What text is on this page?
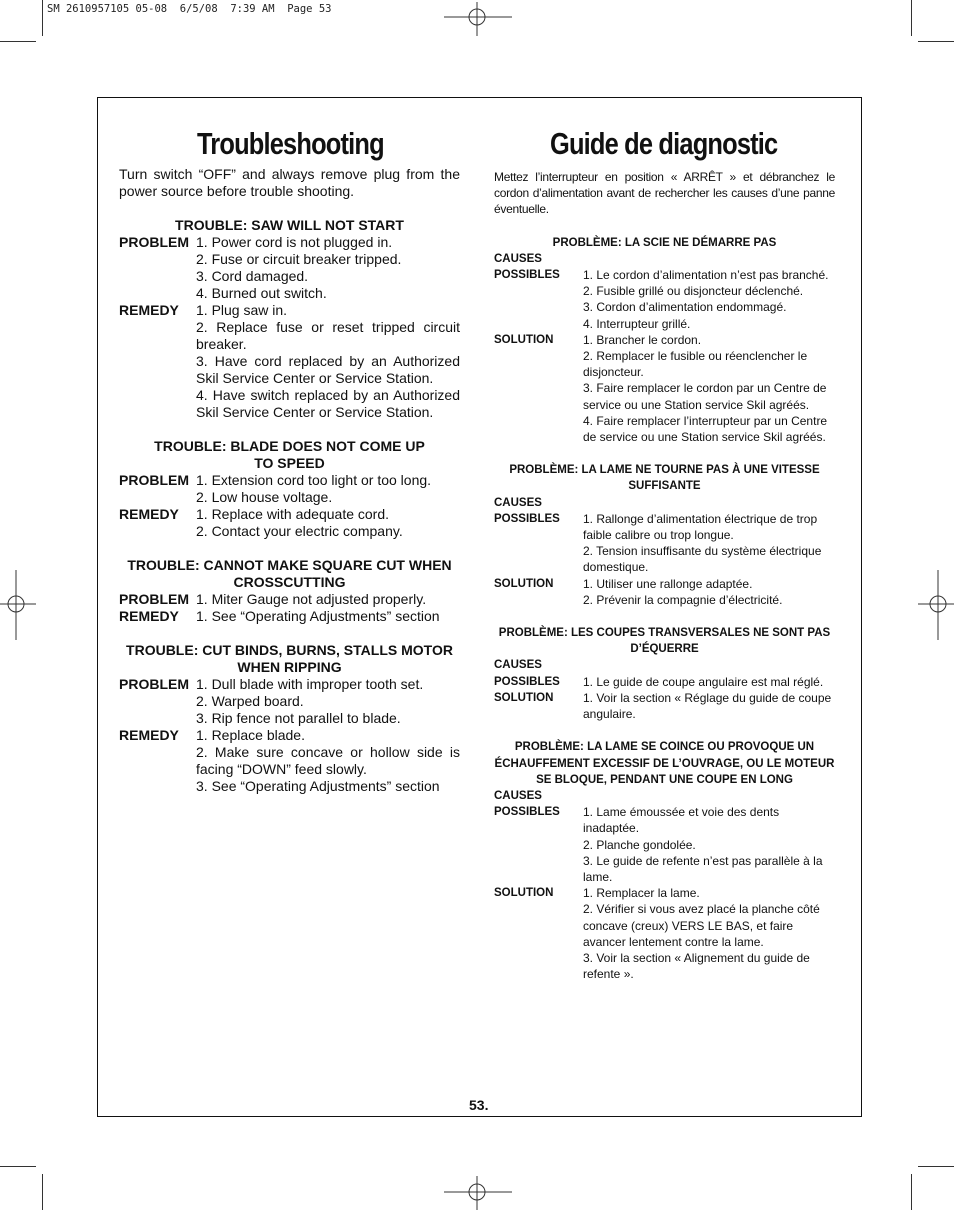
SM 2610957105 05-08  6/5/08  7:39 AM  Page 53
Troubleshooting

Turn switch “OFF” and always remove plug from the power source before trouble shooting.

TROUBLE: SAW WILL NOT START
PROBLEM 1. Power cord is not plugged in.
2. Fuse or circuit breaker tripped.
3. Cord damaged.
4. Burned out switch.
REMEDY	1. Plug saw in.
2. Replace fuse or reset tripped circuit breaker.
3. Have cord replaced by an Authorized Skil Service Center or Service Station.
4. Have switch replaced by an Authorized Skil Service Center or Service Station.
TROUBLE: BLADE DOES NOT COME UP TO SPEED
PROBLEM 1. Extension cord too light or too long.
2. Low house voltage.
REMEDY	1. Replace with adequate cord.
2. Contact your electric company.
TROUBLE: CANNOT MAKE SQUARE CUT WHEN CROSSCUTTING
PROBLEM 1. Miter Gauge not adjusted properly.
REMEDY	1. See “Operating Adjustments” section
TROUBLE: CUT BINDS, BURNS, STALLS MOTOR WHEN RIPPING
PROBLEM 1. Dull blade with improper tooth set.
2. Warped board.
3. Rip fence not parallel to blade.
REMEDY	1. Replace blade.
2. Make sure concave or hollow side is facing “DOWN” feed slowly.
3. See “Operating Adjustments” section
Guide de diagnostic

Mettez l’interrupteur en position « ARRÊT » et débranchez le cordon d’alimentation avant de rechercher les causes d’une panne éventuelle.

PROBLÈME: LA SCIE NE DÉMARRE PAS
CAUSES
POSSIBLES	1. Le cordon d’alimentation n’est pas branché.
2. Fusible grillé ou disjoncteur déclenché.
3. Cordon d’alimentation endommagé.
4. Interrupteur grillé.
SOLUTION	1. Brancher le cordon.
2. Remplacer le fusible ou réenclencher le disjoncteur.
3. Faire remplacer le cordon par un Centre de service ou une Station service Skil agréés.
4. Faire remplacer l’interrupteur par un Centre de service ou une Station service Skil agréés.
PROBLÈME: LA LAME NE TOURNE PAS À UNE VITESSE SUFFISANTE
CAUSES
POSSIBLES	1. Rallonge d’alimentation électrique de trop faible calibre ou trop longue.
2. Tension insuffisante du système électrique domestique.
SOLUTION	1. Utiliser une rallonge adaptée.
2. Prévenir la compagnie d’électricité.
PROBLÈME: LES COUPES TRANSVERSALES NE SONT PAS D’ÉQUERRE
CAUSES
POSSIBLES	1. Le guide de coupe angulaire est mal réglé.
SOLUTION	1. Voir la section « Réglage du guide de coupe angulaire.
PROBLÈME: LA LAME SE COINCE OU PROVOQUE UN ÉCHAUFFEMENT EXCESSIF DE L’OUVRAGE, OU LE MOTEUR SE BLOQUE, PENDANT UNE COUPE EN LONG
CAUSES
POSSIBLES	1. Lame émoussée et voie des dents inadaptée.
2. Planche gondolée.
3. Le guide de refente n’est pas parallèle à la lame.
SOLUTION	1. Remplacer la lame.
2. Vérifier si vous avez placé la planche côté concave (creux) VERS LE BAS, et faire avancer lentement contre la lame.
3. Voir la section « Alignement du guide de refente ».
53.
